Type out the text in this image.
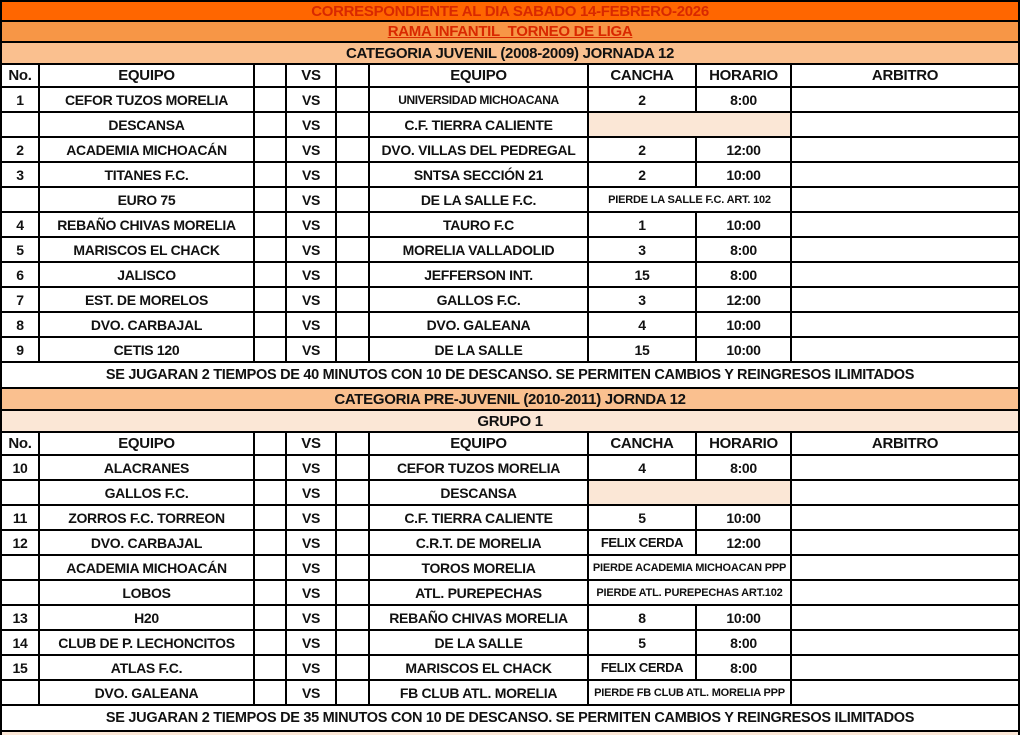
CORRESPONDIENTE AL DIA SABADO 14-FEBRERO-2026								
RAMA INFANTIL  TORNEO DE LIGA								
CATEGORIA JUVENIL (2008-2009) JORNADA 12								
No.	EQUIPO		VS		EQUIPO	CANCHA	HORARIO	ARBITRO
1	CEFOR TUZOS MORELIA		VS		UNIVERSIDAD MICHOACANA	2	8:00	
	DESCANSA		VS		C.F. TIERRA CALIENTE			
2	ACADEMIA MICHOACÁN		VS		DVO. VILLAS DEL PEDREGAL	2	12:00	
3	TITANES F.C.		VS		SNTSA SECCIÓN 21	2	10:00	
	EURO 75		VS		DE LA SALLE F.C.	PIERDE LA SALLE F.C. ART. 102		
4	REBAÑO CHIVAS MORELIA		VS		TAURO F.C	1	10:00	
5	MARISCOS EL CHACK		VS		MORELIA VALLADOLID	3	8:00	
6	JALISCO		VS		JEFFERSON INT.	15	8:00	
7	EST. DE MORELOS		VS		GALLOS F.C.	3	12:00	
8	DVO. CARBAJAL		VS		DVO. GALEANA	4	10:00	
9	CETIS 120		VS		DE LA SALLE	15	10:00	
SE JUGARAN 2 TIEMPOS DE 40 MINUTOS CON 10 DE DESCANSO. SE PERMITEN CAMBIOS Y REINGRESOS ILIMITADOS								
CATEGORIA PRE-JUVENIL (2010-2011) JORNDA 12								
GRUPO 1								
No.	EQUIPO		VS		EQUIPO	CANCHA	HORARIO	ARBITRO
10	ALACRANES		VS		CEFOR TUZOS MORELIA	4	8:00	
	GALLOS F.C.		VS		DESCANSA			
11	ZORROS F.C. TORREON		VS		C.F. TIERRA CALIENTE	5	10:00	
12	DVO. CARBAJAL		VS		C.R.T. DE MORELIA	FELIX CERDA	12:00	
	ACADEMIA MICHOACÁN		VS		TOROS MORELIA	PIERDE ACADEMIA MICHOACAN PPP		
	LOBOS		VS		ATL. PUREPECHAS	PIERDE ATL. PUREPECHAS ART.102		
13	H20		VS		REBAÑO CHIVAS MORELIA	8	10:00	
14	CLUB DE P. LECHONCITOS		VS		DE LA SALLE	5	8:00	
15	ATLAS F.C.		VS		MARISCOS EL CHACK	FELIX CERDA	8:00	
	DVO. GALEANA		VS		FB CLUB ATL. MORELIA	PIERDE FB CLUB ATL. MORELIA PPP		
SE JUGARAN 2 TIEMPOS DE 35 MINUTOS CON 10 DE DESCANSO. SE PERMITEN CAMBIOS Y REINGRESOS ILIMITADOS								
